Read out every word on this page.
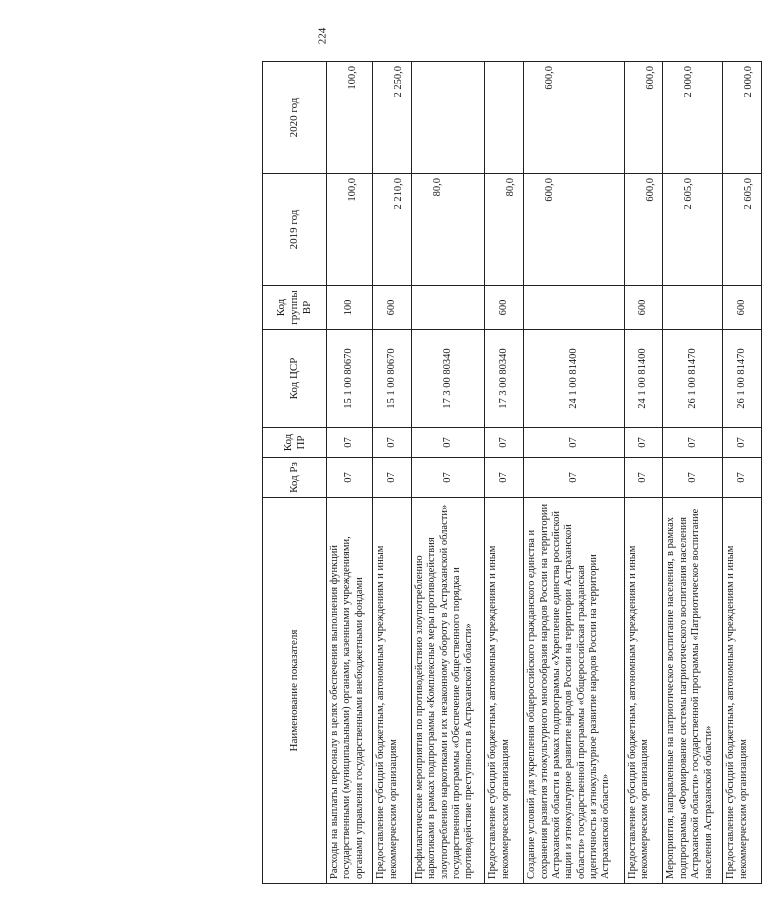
224
Наименование показателя	Код Рз	Код ПР	Код ЦСР	Код группы ВР	2019 год	2020 год
Расходы на выплаты персоналу в целях обеспечения выполнения функций государственными (муниципальными) органами, казенными учреждениями, органами управления государственными внебюджетными фондами	07	07	15 1 00 80670	100	100,0	100,0
Предоставление субсидий бюджетным, автономным учреждениям и иным некоммерческим организациям	07	07	15 1 00 80670	600	2 210,0	2 250,0
Профилактические мероприятия по противодействию злоупотреблению наркотиками в рамках подпрограммы «Комплексные меры противодействия злоупотреблению наркотиками и их незаконному обороту в Астраханской области» государственной программы «Обеспечение общественного порядка и противодействие преступности в Астраханской области»	07	07	17 3 00 80340		80,0	
Предоставление субсидий бюджетным, автономным учреждениям и иным некоммерческим организациям	07	07	17 3 00 80340	600	80,0	
Создание условий для укрепления общероссийского гражданского единства и сохранения развития этнокультурного многообразия народов России на территории Астраханской области в рамках подпрограммы «Укрепление единства российской нации и этнокультурное развитие народов России на территории Астраханской области» государственной программы «Общероссийская гражданская идентичность и этнокультурное развитие народов России на территории Астраханской области»	07	07	24 1 00 81400		600,0	600,0
Предоставление субсидий бюджетным, автономным учреждениям и иным некоммерческим организациям	07	07	24 1 00 81400	600	600,0	600,0
Мероприятия, направленные на патриотическое воспитание населения, в рамках подпрограммы «Формирование системы патриотического воспитания населения Астраханской области» государственной программы «Патриотическое воспитание населения Астраханской области»	07	07	26 1 00 81470		2 605,0	2 000,0
Предоставление субсидий бюджетным, автономным учреждениям и иным некоммерческим организациям	07	07	26 1 00 81470	600	2 605,0	2 000,0
